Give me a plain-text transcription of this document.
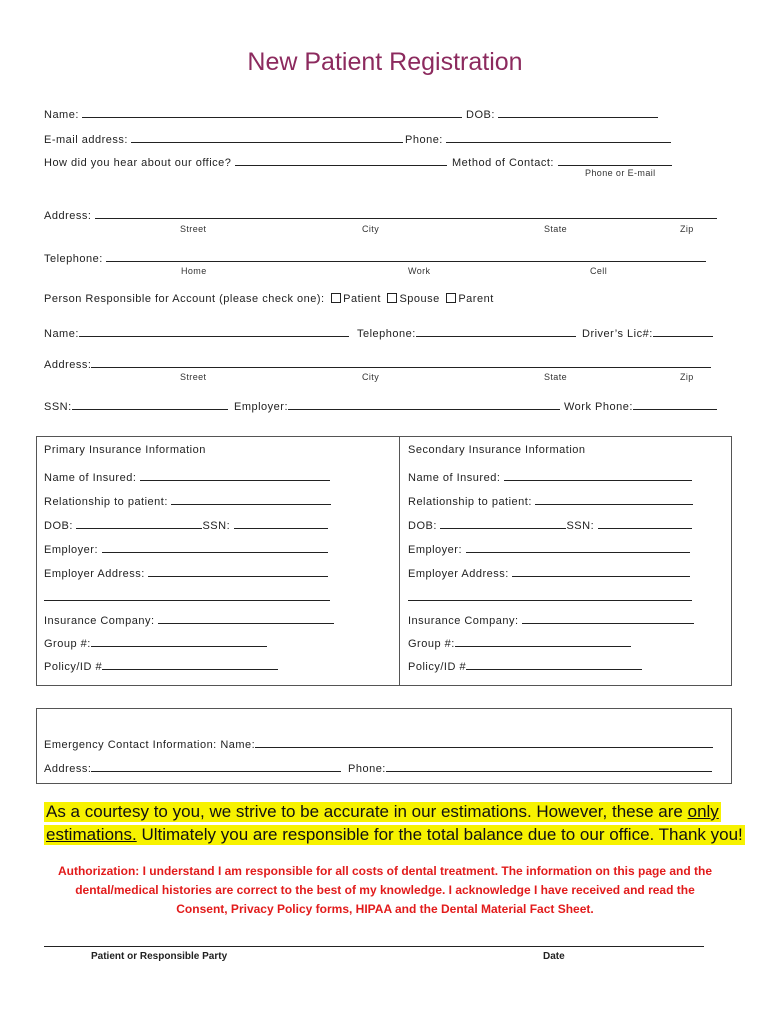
New Patient Registration
Name:	DOB:
E-mail address:	Phone:
How did you hear about our office?	Method of Contact:
Phone or E-mail
Address:
Street	City	State	Zip
Telephone:
Home	Work	Cell
Person Responsible for Account (please check one): Patient Spouse Parent
Name:	Telephone:	Driver’s Lic#:
Address:
Street	City	State	Zip
SSN:	Employer:	Work Phone:
Primary Insurance Information
Name of Insured:
Relationship to patient:
DOB:	SSN:
Employer:
Employer Address:
Insurance Company:
Group #:
Policy/ID #
Secondary Insurance Information
Name of Insured:
Relationship to patient:
DOB:	SSN:
Employer:
Employer Address:
Insurance Company:
Group #:
Policy/ID #
Emergency Contact Information: Name:
Address:	Phone:
As a courtesy to you, we strive to be accurate in our estimations. However, these are only
estimations. Ultimately you are responsible for the total balance due to our office. Thank you!
Authorization: I understand I am responsible for all costs of dental treatment. The information on this page and the
dental/medical histories are correct to the best of my knowledge. I acknowledge I have received and read the
Consent, Privacy Policy forms, HIPAA and the Dental Material Fact Sheet.
Patient or Responsible Party	Date
